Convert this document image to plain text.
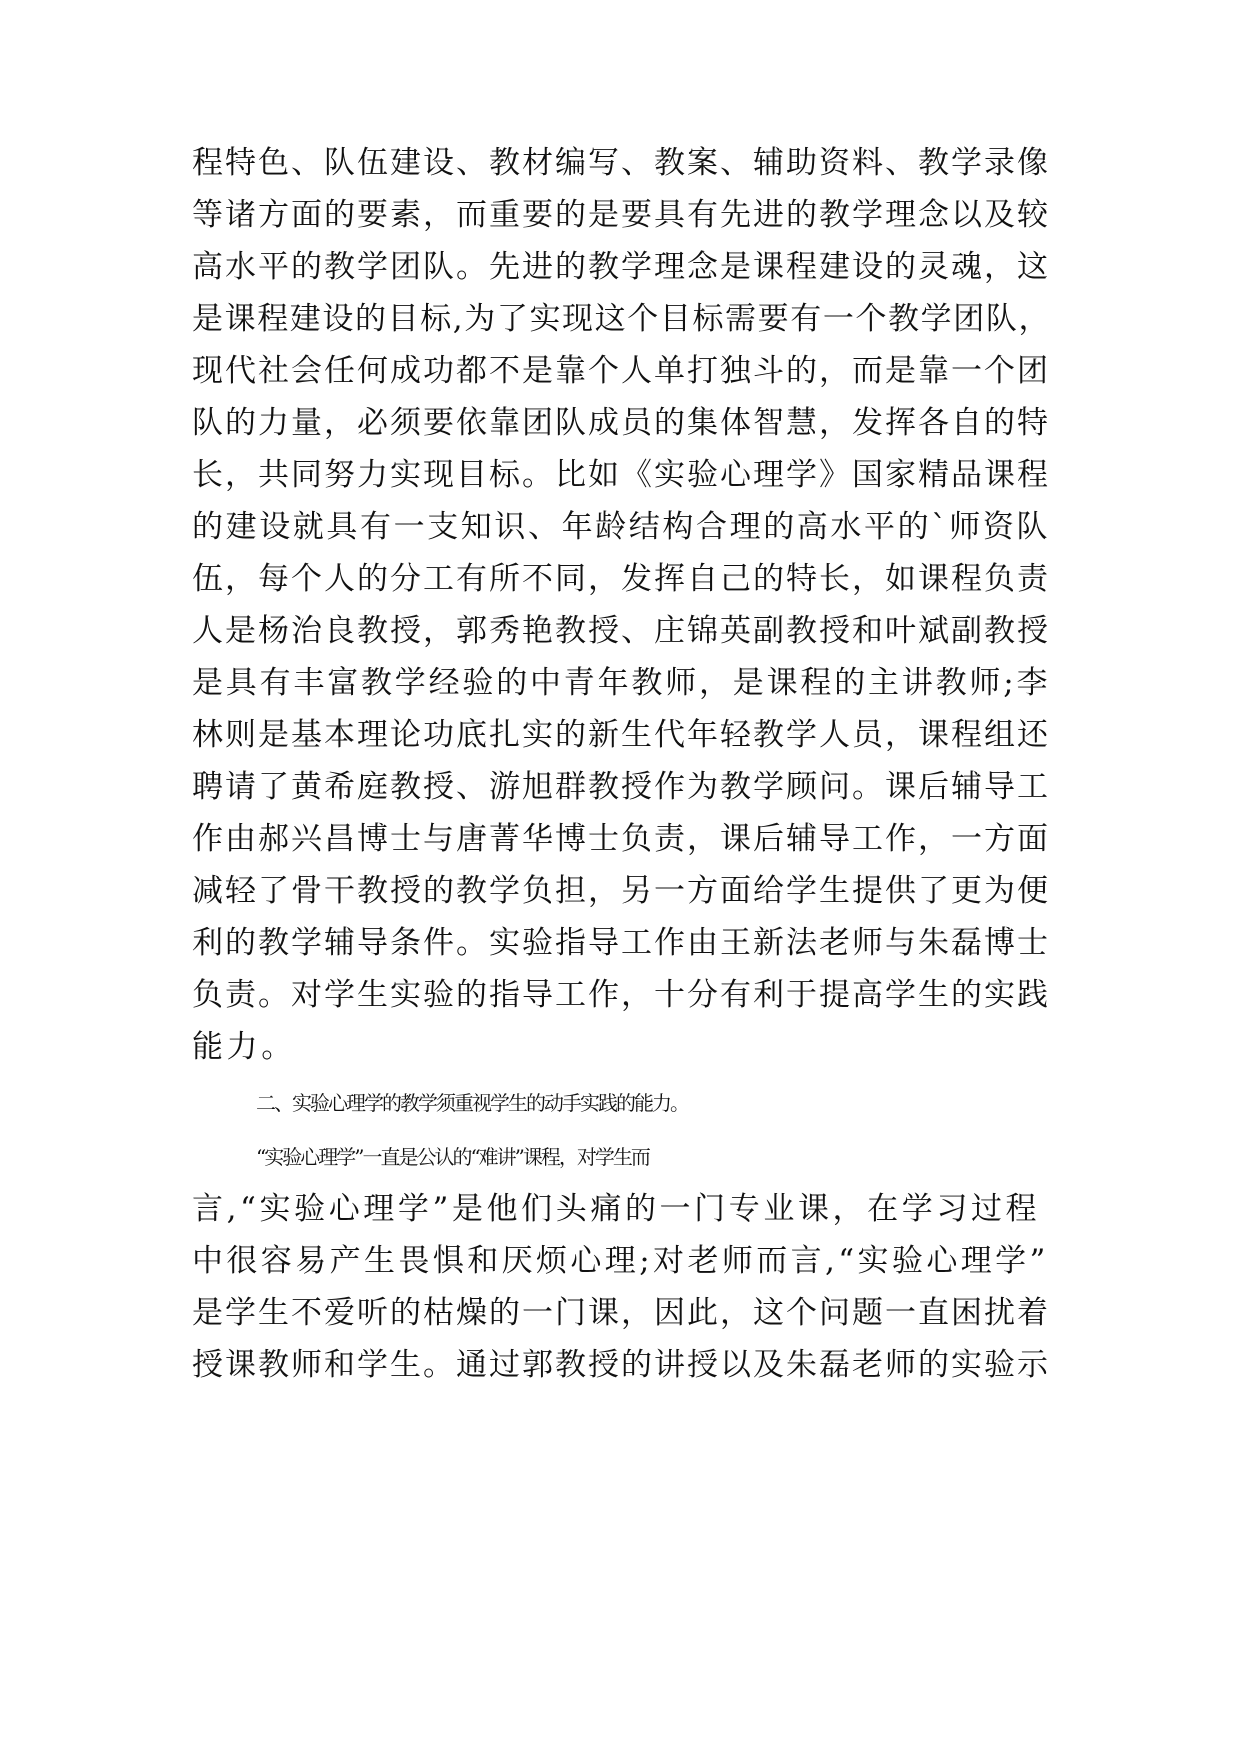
程特色、队伍建设、教材编写、教案、辅助资料、教学录像
等诸方面的要素，而重要的是要具有先进的教学理念以及较
高水平的教学团队。先进的教学理念是课程建设的灵魂，这
是课程建设的目标,为了实现这个目标需要有一个教学团队，
现代社会任何成功都不是靠个人单打独斗的，而是靠一个团
队的力量，必须要依靠团队成员的集体智慧，发挥各自的特
长，共同努力实现目标。比如《实验心理学》国家精品课程
的建设就具有一支知识、年龄结构合理的高水平的`师资队
伍，每个人的分工有所不同，发挥自己的特长，如课程负责
人是杨治良教授，郭秀艳教授、庄锦英副教授和叶斌副教授
是具有丰富教学经验的中青年教师，是课程的主讲教师;李
林则是基本理论功底扎实的新生代年轻教学人员，课程组还
聘请了黄希庭教授、游旭群教授作为教学顾问。课后辅导工
作由郝兴昌博士与唐菁华博士负责，课后辅导工作，一方面
减轻了骨干教授的教学负担，另一方面给学生提供了更为便
利的教学辅导条件。实验指导工作由王新法老师与朱磊博士
负责。对学生实验的指导工作，十分有利于提高学生的实践
能力。
二、实验心理学的教学须重视学生的动手实践的能力。
“实验心理学”一直是公认的“难讲”课程，对学生而
言,“实验心理学”是他们头痛的一门专业课，在学习过程
中很容易产生畏惧和厌烦心理;对老师而言,“实验心理学”
是学生不爱听的枯燥的一门课，因此，这个问题一直困扰着
授课教师和学生。通过郭教授的讲授以及朱磊老师的实验示
